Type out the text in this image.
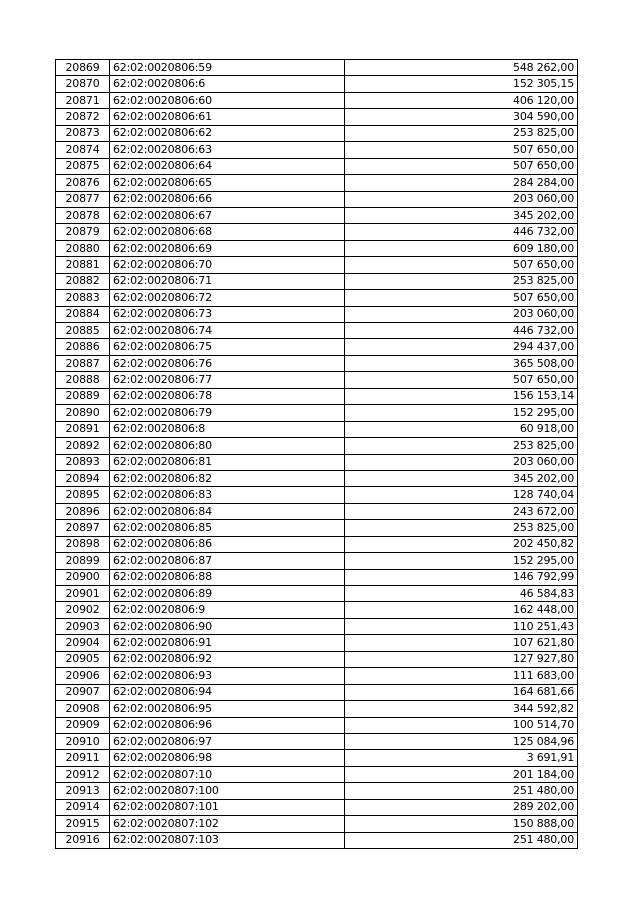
20869	62:02:0020806:59	548 262,00
20870	62:02:0020806:6	152 305,15
20871	62:02:0020806:60	406 120,00
20872	62:02:0020806:61	304 590,00
20873	62:02:0020806:62	253 825,00
20874	62:02:0020806:63	507 650,00
20875	62:02:0020806:64	507 650,00
20876	62:02:0020806:65	284 284,00
20877	62:02:0020806:66	203 060,00
20878	62:02:0020806:67	345 202,00
20879	62:02:0020806:68	446 732,00
20880	62:02:0020806:69	609 180,00
20881	62:02:0020806:70	507 650,00
20882	62:02:0020806:71	253 825,00
20883	62:02:0020806:72	507 650,00
20884	62:02:0020806:73	203 060,00
20885	62:02:0020806:74	446 732,00
20886	62:02:0020806:75	294 437,00
20887	62:02:0020806:76	365 508,00
20888	62:02:0020806:77	507 650,00
20889	62:02:0020806:78	156 153,14
20890	62:02:0020806:79	152 295,00
20891	62:02:0020806:8	60 918,00
20892	62:02:0020806:80	253 825,00
20893	62:02:0020806:81	203 060,00
20894	62:02:0020806:82	345 202,00
20895	62:02:0020806:83	128 740,04
20896	62:02:0020806:84	243 672,00
20897	62:02:0020806:85	253 825,00
20898	62:02:0020806:86	202 450,82
20899	62:02:0020806:87	152 295,00
20900	62:02:0020806:88	146 792,99
20901	62:02:0020806:89	46 584,83
20902	62:02:0020806:9	162 448,00
20903	62:02:0020806:90	110 251,43
20904	62:02:0020806:91	107 621,80
20905	62:02:0020806:92	127 927,80
20906	62:02:0020806:93	111 683,00
20907	62:02:0020806:94	164 681,66
20908	62:02:0020806:95	344 592,82
20909	62:02:0020806:96	100 514,70
20910	62:02:0020806:97	125 084,96
20911	62:02:0020806:98	3 691,91
20912	62:02:0020807:10	201 184,00
20913	62:02:0020807:100	251 480,00
20914	62:02:0020807:101	289 202,00
20915	62:02:0020807:102	150 888,00
20916	62:02:0020807:103	251 480,00
